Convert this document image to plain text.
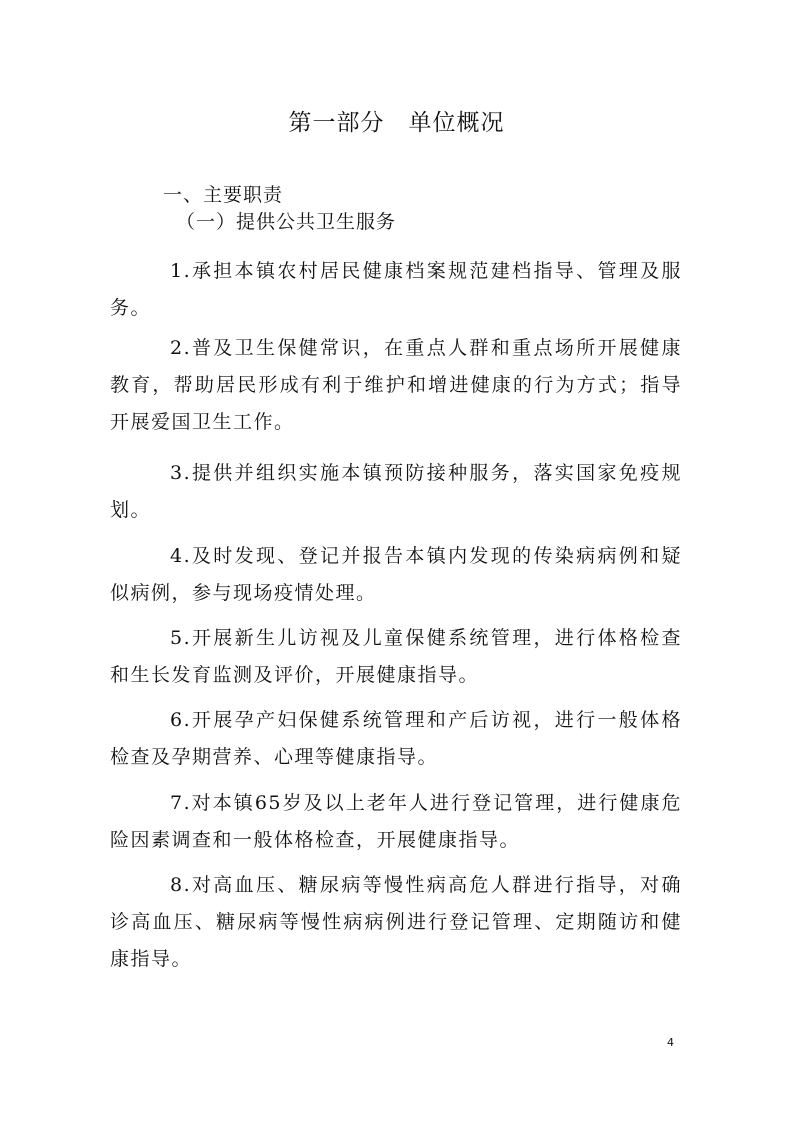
第一部分　单位概况
一、主要职责
（一）提供公共卫生服务
1.承担本镇农村居民健康档案规范建档指导、管理及服务。
2.普及卫生保健常识，在重点人群和重点场所开展健康教育，帮助居民形成有利于维护和增进健康的行为方式；指导开展爱国卫生工作。
3.提供并组织实施本镇预防接种服务，落实国家免疫规划。
4.及时发现、登记并报告本镇内发现的传染病病例和疑似病例，参与现场疫情处理。
5.开展新生儿访视及儿童保健系统管理，进行体格检查和生长发育监测及评价，开展健康指导。
6.开展孕产妇保健系统管理和产后访视，进行一般体格检查及孕期营养、心理等健康指导。
7.对本镇65岁及以上老年人进行登记管理，进行健康危险因素调查和一般体格检查，开展健康指导。
8.对高血压、糖尿病等慢性病高危人群进行指导，对确诊高血压、糖尿病等慢性病病例进行登记管理、定期随访和健康指导。
4
